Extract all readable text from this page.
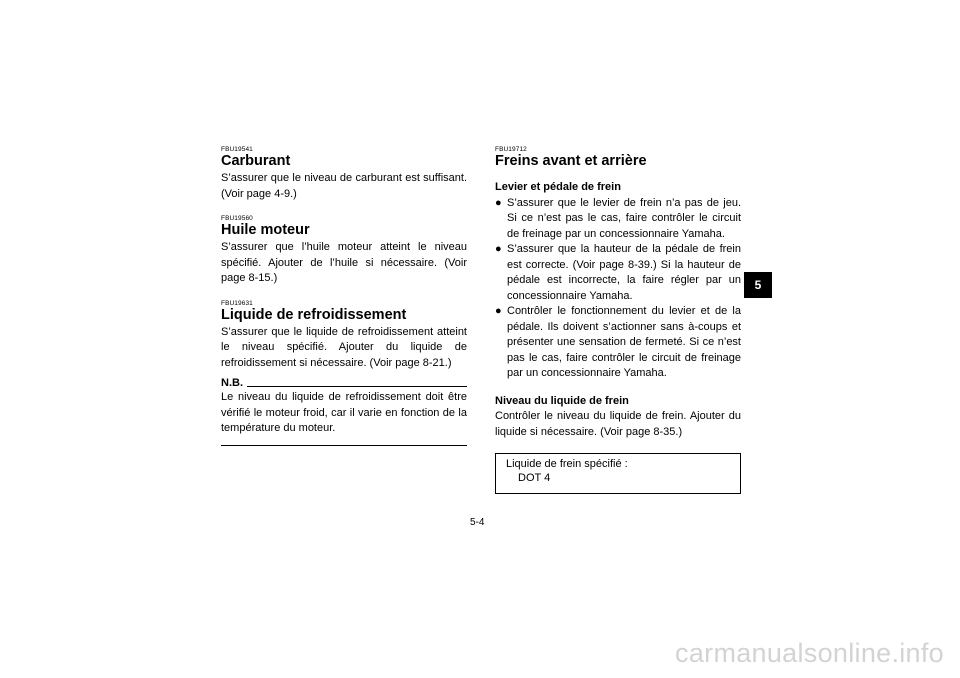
FBU19541
Carburant

S’assurer que le niveau de carburant est suffisant. (Voir page 4-9.)

FBU19560
Huile moteur

S’assurer que l’huile moteur atteint le niveau spécifié. Ajouter de l’huile si nécessaire. (Voir page 8-15.)

FBU19631
Liquide de refroidissement

S’assurer que le liquide de refroidissement atteint le niveau spécifié. Ajouter du liquide de refroidissement si nécessaire. (Voir page 8-21.)

N.B.

Le niveau du liquide de refroidissement doit être vérifié le moteur froid, car il varie en fonction de la température du moteur.

FBU19712
Freins avant et arrière
Levier et pédale de frein
● S’assurer que le levier de frein n’a pas de jeu. Si ce n’est pas le cas, faire contrôler le circuit de freinage par un concessionnaire Yamaha.
● S’assurer que la hauteur de la pédale de frein est correcte. (Voir page 8-39.) Si la hauteur de pédale est incorrecte, la faire régler par un concessionnaire Yamaha.
● Contrôler le fonctionnement du levier et de la pédale. Ils doivent s’actionner sans à-coups et présenter une sensation de fermeté. Si ce n’est pas le cas, faire contrôler le circuit de freinage par un concessionnaire Yamaha.
Niveau du liquide de frein

Contrôler le niveau du liquide de frein. Ajouter du liquide si nécessaire. (Voir page 8-35.)

Liquide de frein spécifié :
DOT 4
5
5-4
carmanualsonline.info
